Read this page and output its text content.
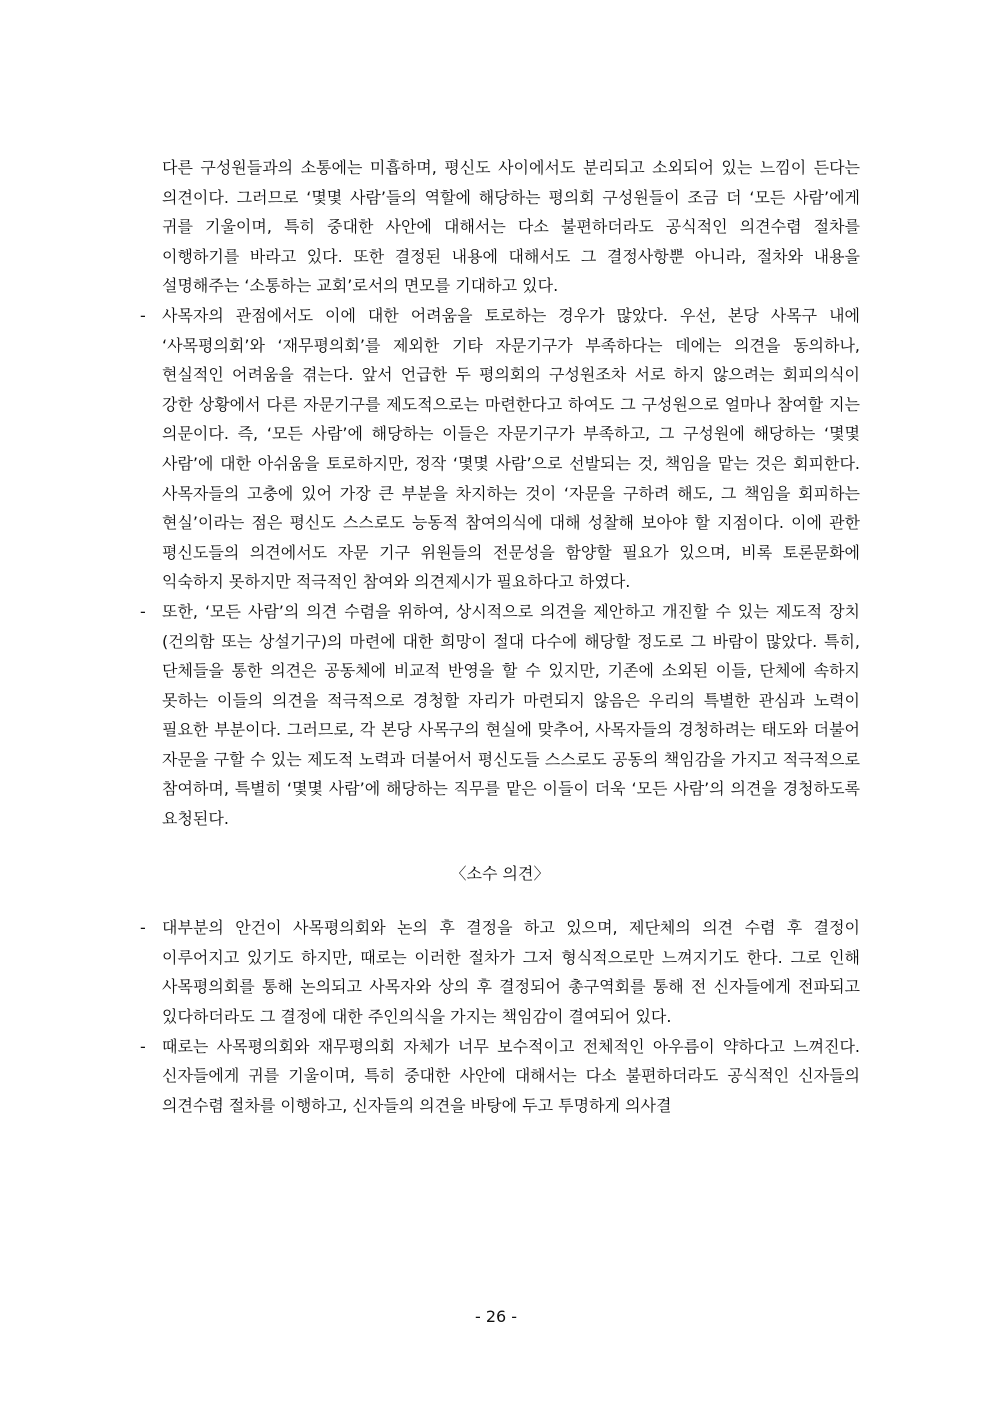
다른 구성원들과의 소통에는 미흡하며, 평신도 사이에서도 분리되고 소외되어 있는 느낌이 든다는 의견이다. 그러므로 ‘몇몇 사람’들의 역할에 해당하는 평의회 구성원들이 조금 더 ‘모든 사람’에게 귀를 기울이며, 특히 중대한 사안에 대해서는 다소 불편하더라도 공식적인 의견수렴 절차를 이행하기를 바라고 있다. 또한 결정된 내용에 대해서도 그 결정사항뿐 아니라, 절차와 내용을 설명해주는 ‘소통하는 교회’로서의 면모를 기대하고 있다.

-	사목자의 관점에서도 이에 대한 어려움을 토로하는 경우가 많았다. 우선, 본당 사목구 내에 ‘사목평의회’와 ‘재무평의회’를 제외한 기타 자문기구가 부족하다는 데에는 의견을 동의하나, 현실적인 어려움을 겪는다. 앞서 언급한 두 평의회의 구성원조차 서로 하지 않으려는 회피의식이 강한 상황에서 다른 자문기구를 제도적으로는 마련한다고 하여도 그 구성원으로 얼마나 참여할 지는 의문이다. 즉, ‘모든 사람’에 해당하는 이들은 자문기구가 부족하고, 그 구성원에 해당하는 ‘몇몇 사람’에 대한 아쉬움을 토로하지만, 정작 ‘몇몇 사람’으로 선발되는 것, 책임을 맡는 것은 회피한다. 사목자들의 고충에 있어 가장 큰 부분을 차지하는 것이 ‘자문을 구하려 해도, 그 책임을 회피하는 현실’이라는 점은 평신도 스스로도 능동적 참여의식에 대해 성찰해 보아야 할 지점이다. 이에 관한 평신도들의 의견에서도 자문 기구 위원들의 전문성을 함양할 필요가 있으며, 비록 토론문화에 익숙하지 못하지만 적극적인 참여와 의견제시가 필요하다고 하였다.
-	또한, ‘모든 사람’의 의견 수렴을 위하여, 상시적으로 의견을 제안하고 개진할 수 있는 제도적 장치(건의함 또는 상설기구)의 마련에 대한 희망이 절대 다수에 해당할 정도로 그 바람이 많았다. 특히, 단체들을 통한 의견은 공동체에 비교적 반영을 할 수 있지만, 기존에 소외된 이들, 단체에 속하지 못하는 이들의 의견을 적극적으로 경청할 자리가 마련되지 않음은 우리의 특별한 관심과 노력이 필요한 부분이다. 그러므로, 각 본당 사목구의 현실에 맞추어, 사목자들의 경청하려는 태도와 더불어 자문을 구할 수 있는 제도적 노력과 더불어서 평신도들 스스로도 공동의 책임감을 가지고 적극적으로 참여하며, 특별히 ‘몇몇 사람’에 해당하는 직무를 맡은 이들이 더욱 ‘모든 사람’의 의견을 경청하도록 요청된다.
〈소수 의견〉
-	대부분의 안건이 사목평의회와 논의 후 결정을 하고 있으며, 제단체의 의견 수렴 후 결정이 이루어지고 있기도 하지만, 때로는 이러한 절차가 그저 형식적으로만 느껴지기도 한다. 그로 인해 사목평의회를 통해 논의되고 사목자와 상의 후 결정되어 총구역회를 통해 전 신자들에게 전파되고 있다하더라도 그 결정에 대한 주인의식을 가지는 책임감이 결여되어 있다.
-	때로는 사목평의회와 재무평의회 자체가 너무 보수적이고 전체적인 아우름이 약하다고 느껴진다. 신자들에게 귀를 기울이며, 특히 중대한 사안에 대해서는 다소 불편하더라도 공식적인 신자들의 의견수렴 절차를 이행하고, 신자들의 의견을 바탕에 두고 투명하게 의사결
- 26 -
